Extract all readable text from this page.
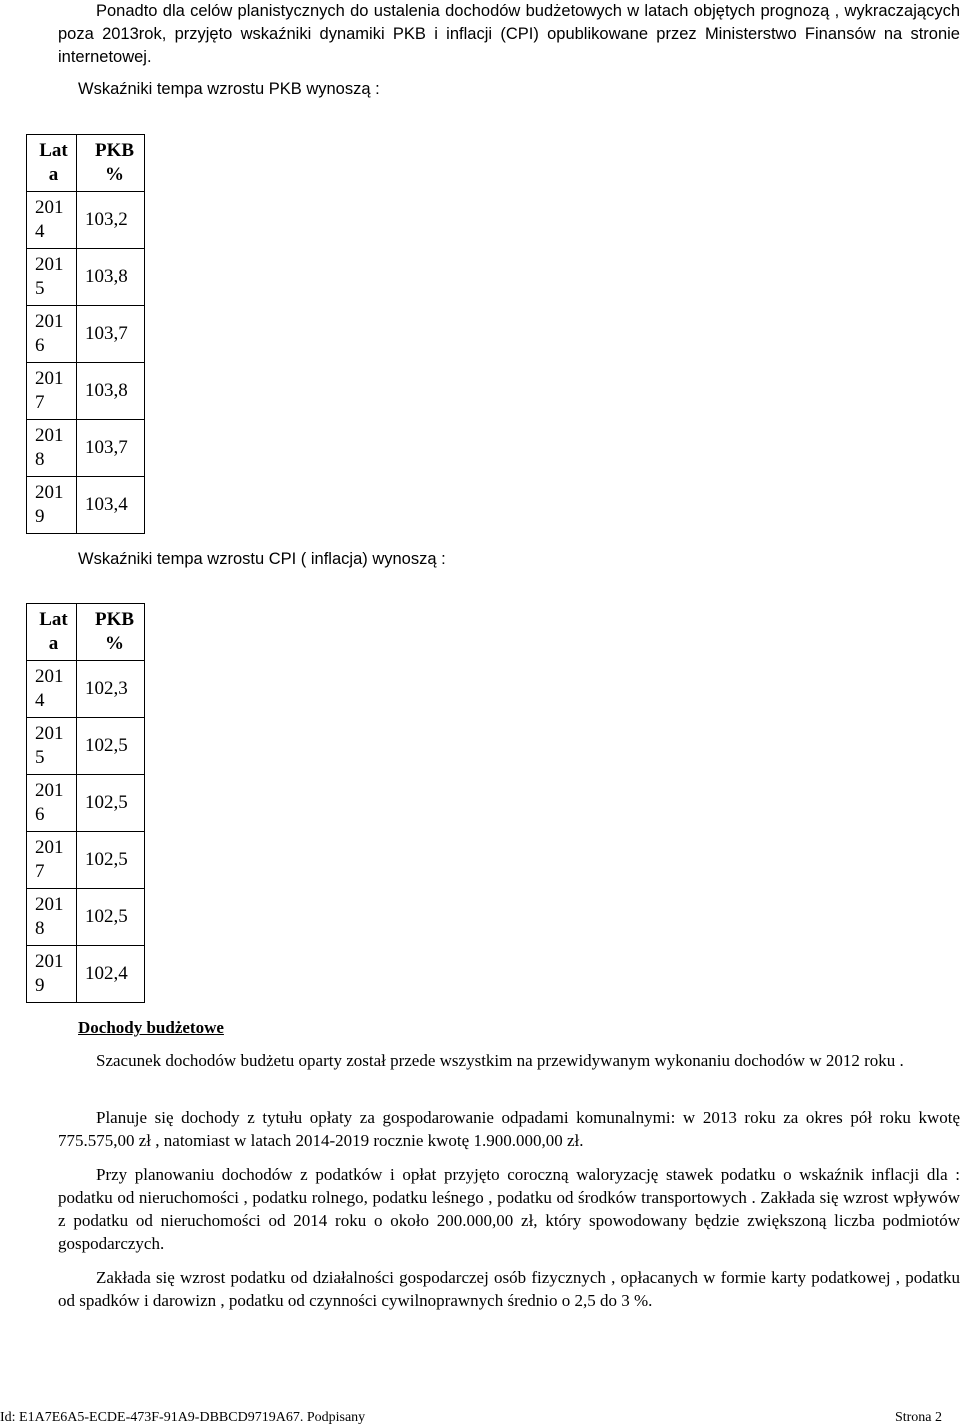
Ponadto dla celów planistycznych do ustalenia dochodów budżetowych w latach objętych prognozą , wykraczających poza 2013rok, przyjęto wskaźniki dynamiki PKB i inflacji (CPI) opublikowane przez Ministerstwo Finansów na stronie internetowej.

Wskaźniki tempa wzrostu PKB wynoszą :

Lata	PKB %
2014	103,2
2015	103,8
2016	103,7
2017	103,8
2018	103,7
2019	103,4

Wskaźniki tempa wzrostu CPI ( inflacja) wynoszą :

Lata	PKB %
2014	102,3
2015	102,5
2016	102,5
2017	102,5
2018	102,5
2019	102,4

Dochody budżetowe

Szacunek dochodów budżetu oparty został przede wszystkim na przewidywanym wykonaniu dochodów w 2012 roku .

Planuje się dochody z tytułu opłaty za gospodarowanie odpadami komunalnymi: w 2013 roku za okres pół roku kwotę 775.575,00 zł , natomiast w latach 2014-2019 rocznie kwotę 1.900.000,00 zł.

Przy planowaniu dochodów z podatków i opłat przyjęto coroczną waloryzację stawek podatku o wskaźnik inflacji dla : podatku od nieruchomości , podatku rolnego, podatku leśnego , podatku od środków transportowych . Zakłada się wzrost wpływów z podatku od nieruchomości od 2014 roku o około 200.000,00 zł, który spowodowany będzie zwiększoną liczba podmiotów gospodarczych.

Zakłada się wzrost podatku od działalności gospodarczej osób fizycznych , opłacanych w formie karty podatkowej , podatku od spadków i darowizn , podatku od czynności cywilnoprawnych średnio o 2,5 do 3 %.

Id: E1A7E6A5-ECDE-473F-91A9-DBBCD9719A67. Podpisany	Strona 2
